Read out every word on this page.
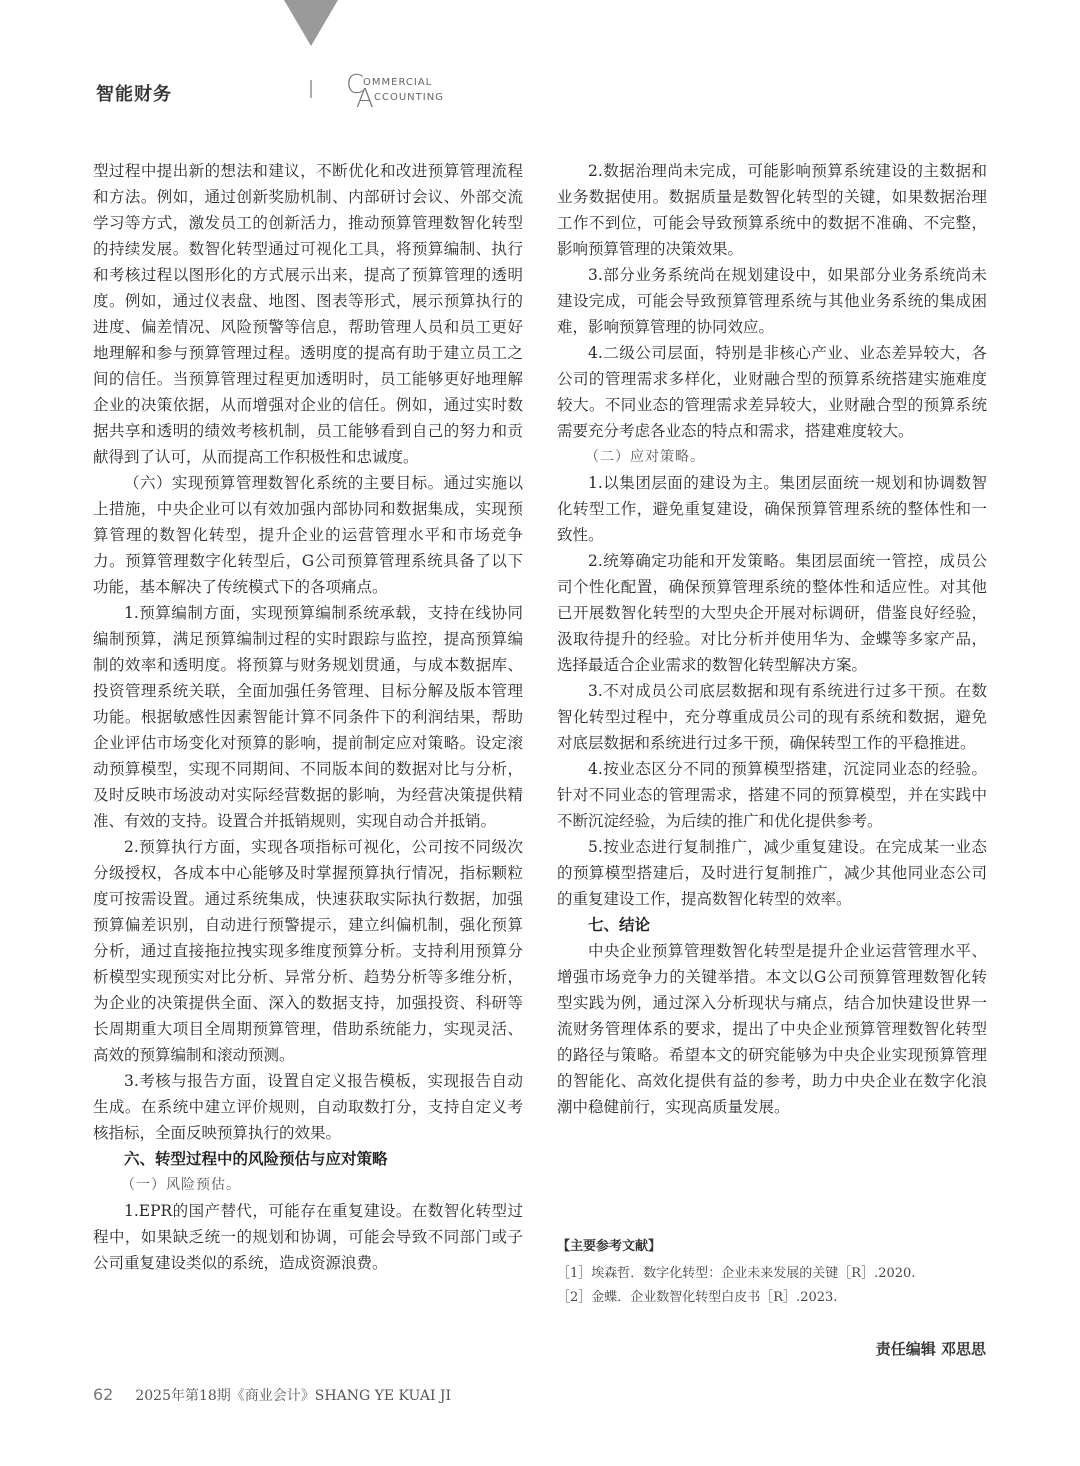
智能财务	C
OMMERCIAL
A CCOUNTING

型过程中提出新的想法和建议，不断优化和改进预算管理流程和方法。例如，通过创新奖励机制、内部研讨会议、外部交流学习等方式，激发员工的创新活力，推动预算管理数智化转型的持续发展。数智化转型通过可视化工具，将预算编制、执行和考核过程以图形化的方式展示出来，提高了预算管理的透明度。例如，通过仪表盘、地图、图表等形式，展示预算执行的进度、偏差情况、风险预警等信息，帮助管理人员和员工更好地理解和参与预算管理过程。透明度的提高有助于建立员工之间的信任。当预算管理过程更加透明时，员工能够更好地理解企业的决策依据，从而增强对企业的信任。例如，通过实时数据共享和透明的绩效考核机制，员工能够看到自己的努力和贡献得到了认可，从而提高工作积极性和忠诚度。

（六）实现预算管理数智化系统的主要目标。通过实施以上措施，中央企业可以有效加强内部协同和数据集成，实现预算管理的数智化转型，提升企业的运营管理水平和市场竞争力。预算管理数字化转型后，G公司预算管理系统具备了以下功能，基本解决了传统模式下的各项痛点。

1.预算编制方面，实现预算编制系统承载，支持在线协同编制预算，满足预算编制过程的实时跟踪与监控，提高预算编制的效率和透明度。将预算与财务规划贯通，与成本数据库、投资管理系统关联，全面加强任务管理、目标分解及版本管理功能。根据敏感性因素智能计算不同条件下的利润结果，帮助企业评估市场变化对预算的影响，提前制定应对策略。设定滚动预算模型，实现不同期间、不同版本间的数据对比与分析，及时反映市场波动对实际经营数据的影响，为经营决策提供精准、有效的支持。设置合并抵销规则，实现自动合并抵销。

2.预算执行方面，实现各项指标可视化，公司按不同级次分级授权，各成本中心能够及时掌握预算执行情况，指标颗粒度可按需设置。通过系统集成，快速获取实际执行数据，加强预算偏差识别，自动进行预警提示，建立纠偏机制，强化预算分析，通过直接拖拉拽实现多维度预算分析。支持利用预算分析模型实现预实对比分析、异常分析、趋势分析等多维分析，为企业的决策提供全面、深入的数据支持，加强投资、科研等长周期重大项目全周期预算管理，借助系统能力，实现灵活、高效的预算编制和滚动预测。

3.考核与报告方面，设置自定义报告模板，实现报告自动生成。在系统中建立评价规则，自动取数打分，支持自定义考核指标，全面反映预算执行的效果。

六、转型过程中的风险预估与应对策略
（一）风险预估。

1.EPR的国产替代，可能存在重复建设。在数智化转型过程中，如果缺乏统一的规划和协调，可能会导致不同部门或子公司重复建设类似的系统，造成资源浪费。

2.数据治理尚未完成，可能影响预算系统建设的主数据和业务数据使用。数据质量是数智化转型的关键，如果数据治理工作不到位，可能会导致预算系统中的数据不准确、不完整，影响预算管理的决策效果。

3.部分业务系统尚在规划建设中，如果部分业务系统尚未建设完成，可能会导致预算管理系统与其他业务系统的集成困难，影响预算管理的协同效应。

4.二级公司层面，特别是非核心产业、业态差异较大，各公司的管理需求多样化，业财融合型的预算系统搭建实施难度较大。不同业态的管理需求差异较大，业财融合型的预算系统需要充分考虑各业态的特点和需求，搭建难度较大。

（二）应对策略。

1.以集团层面的建设为主。集团层面统一规划和协调数智化转型工作，避免重复建设，确保预算管理系统的整体性和一致性。

2.统筹确定功能和开发策略。集团层面统一管控，成员公司个性化配置，确保预算管理系统的整体性和适应性。对其他已开展数智化转型的大型央企开展对标调研，借鉴良好经验，汲取待提升的经验。对比分析并使用华为、金蝶等多家产品，选择最适合企业需求的数智化转型解决方案。

3.不对成员公司底层数据和现有系统进行过多干预。在数智化转型过程中，充分尊重成员公司的现有系统和数据，避免对底层数据和系统进行过多干预，确保转型工作的平稳推进。

4.按业态区分不同的预算模型搭建，沉淀同业态的经验。针对不同业态的管理需求，搭建不同的预算模型，并在实践中不断沉淀经验，为后续的推广和优化提供参考。

5.按业态进行复制推广，减少重复建设。在完成某一业态的预算模型搭建后，及时进行复制推广，减少其他同业态公司的重复建设工作，提高数智化转型的效率。

七、结论

中央企业预算管理数智化转型是提升企业运营管理水平、增强市场竞争力的关键举措。本文以G公司预算管理数智化转型实践为例，通过深入分析现状与痛点，结合加快建设世界一流财务管理体系的要求，提出了中央企业预算管理数智化转型的路径与策略。希望本文的研究能够为中央企业实现预算管理的智能化、高效化提供有益的参考，助力中央企业在数字化浪潮中稳健前行，实现高质量发展。

【主要参考文献】
［1］埃森哲．数字化转型：企业未来发展的关键［R］.2020.
［2］金蝶．企业数智化转型白皮书［R］.2023.
责任编辑 邓思思
62 2025年第18期《商业会计》SHANG YE KUAI JI
